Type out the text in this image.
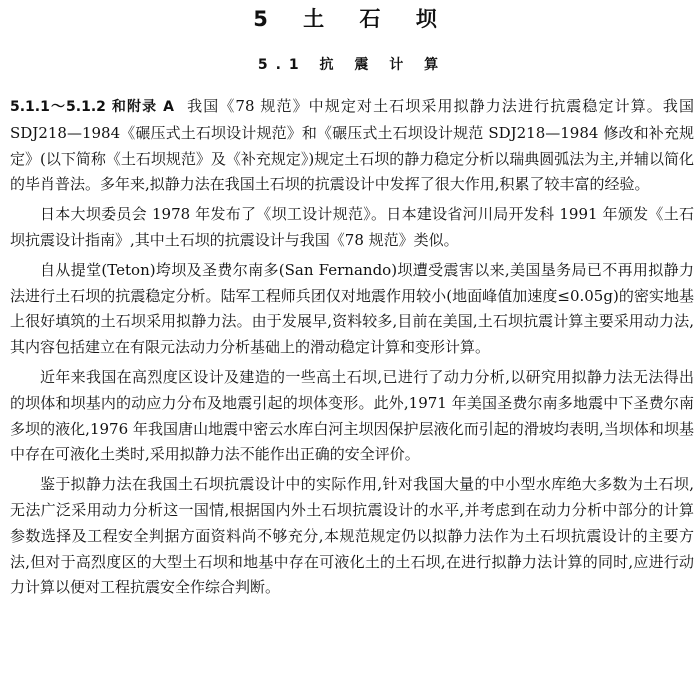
5 土 石 坝
5.1 抗 震 计 算

5.1.1～5.1.2 和附录 A 我国《78 规范》中规定对土石坝采用拟静力法进行抗震稳定计算。我国 SDJ218—1984《碾压式土石坝设计规范》和《碾压式土石坝设计规范 SDJ218—1984 修改和补充规定》(以下简称《土石坝规范》及《补充规定》)规定土石坝的静力稳定分析以瑞典圆弧法为主,并辅以简化的毕肖普法。多年来,拟静力法在我国土石坝的抗震设计中发挥了很大作用,积累了较丰富的经验。

日本大坝委员会 1978 年发布了《坝工设计规范》。日本建设省河川局开发科 1991 年颁发《土石坝抗震设计指南》,其中土石坝的抗震设计与我国《78 规范》类似。

自从提堂(Teton)垮坝及圣费尔南多(San Fernando)坝遭受震害以来,美国垦务局已不再用拟静力法进行土石坝的抗震稳定分析。陆军工程师兵团仅对地震作用较小(地面峰值加速度≤0.05g)的密实地基上很好填筑的土石坝采用拟静力法。由于发展早,资料较多,目前在美国,土石坝抗震计算主要采用动力法,其内容包括建立在有限元法动力分析基础上的滑动稳定计算和变形计算。

近年来我国在高烈度区设计及建造的一些高土石坝,已进行了动力分析,以研究用拟静力法无法得出的坝体和坝基内的动应力分布及地震引起的坝体变形。此外,1971 年美国圣费尔南多地震中下圣费尔南多坝的液化,1976 年我国唐山地震中密云水库白河主坝因保护层液化而引起的滑坡均表明,当坝体和坝基中存在可液化土类时,采用拟静力法不能作出正确的安全评价。

鉴于拟静力法在我国土石坝抗震设计中的实际作用,针对我国大量的中小型水库绝大多数为土石坝,无法广泛采用动力分析这一国情,根据国内外土石坝抗震设计的水平,并考虑到在动力分析中部分的计算参数选择及工程安全判据方面资料尚不够充分,本规范规定仍以拟静力法作为土石坝抗震设计的主要方法,但对于高烈度区的大型土石坝和地基中存在可液化土的土石坝,在进行拟静力法计算的同时,应进行动力计算以便对工程抗震安全作综合判断。
